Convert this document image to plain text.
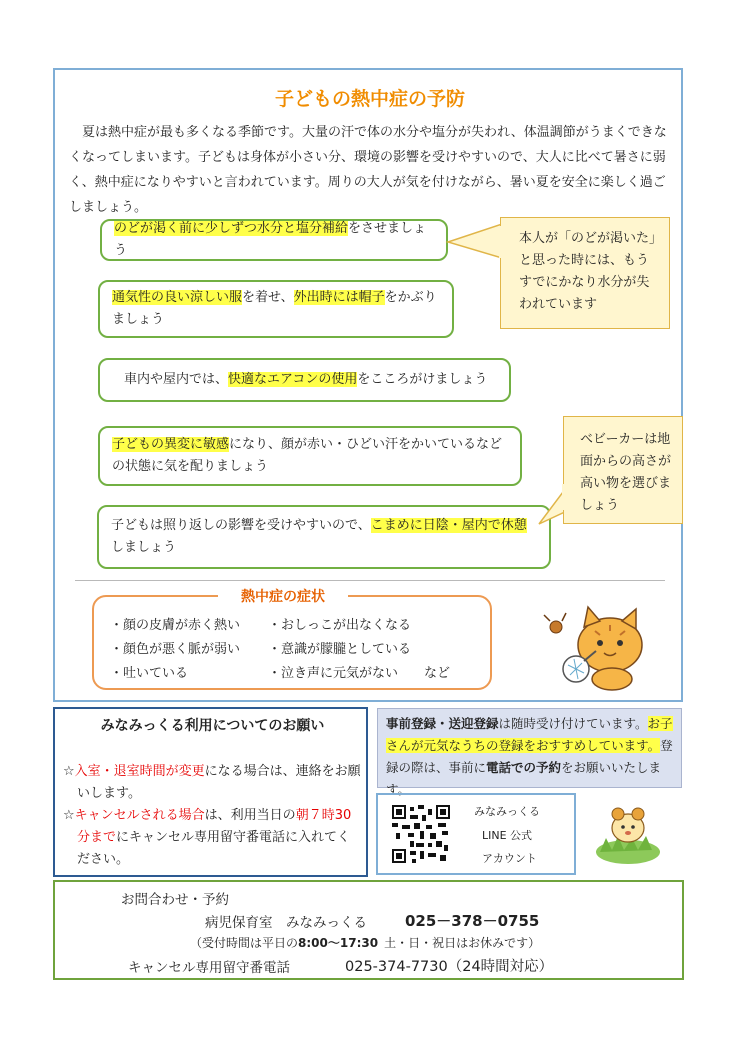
子どもの熱中症の予防
夏は熱中症が最も多くなる季節です。大量の汗で体の水分や塩分が失われ、体温調節がうまくできなくなってしまいます。子どもは身体が小さい分、環境の影響を受けやすいので、大人に比べて暑さに弱く、熱中症になりやすいと言われています。周りの大人が気を付けながら、暑い夏を安全に楽しく過ごしましょう。
のどが渇く前に少しずつ水分と塩分補給をさせましょう
通気性の良い涼しい服を着せ、外出時には帽子をかぶりましょう
車内や屋内では、快適なエアコンの使用をこころがけましょう
子どもの異変に敏感になり、顔が赤い・ひどい汗をかいているなどの状態に気を配りましょう
子どもは照り返しの影響を受けやすいので、こまめに日陰・屋内で休憩しましょう
本人が「のどが渇いた」と思った時には、もうすでにかなり水分が失われています
ベビーカーは地面からの高さが高い物を選びましょう
熱中症の症状
・顔の皮膚が赤く熱い
・顔色が悪く脈が弱い
・吐いている
・おしっこが出なくなる
・意識が朦朧としている
・泣き声に元気がない　　など
みなみっくる利用についてのお願い
☆入室・退室時間が変更になる場合は、連絡をお願いします。
☆キャンセルされる場合は、利用当日の朝７時30分までにキャンセル専用留守番電話に入れてください。
事前登録・送迎登録は随時受け付けています。お子さんが元気なうちの登録をおすすめしています。登録の際は、事前に電話での予約をお願いいたします。
みなみっくる
LINE 公式
アカウント
お問合わせ・予約
病児保育室　みなみっくる	025－378－0755
（受付時間は平日の8:00～17:30 土・日・祝日はお休みです）
キャンセル専用留守番電話	025-374-7730（24時間対応）
